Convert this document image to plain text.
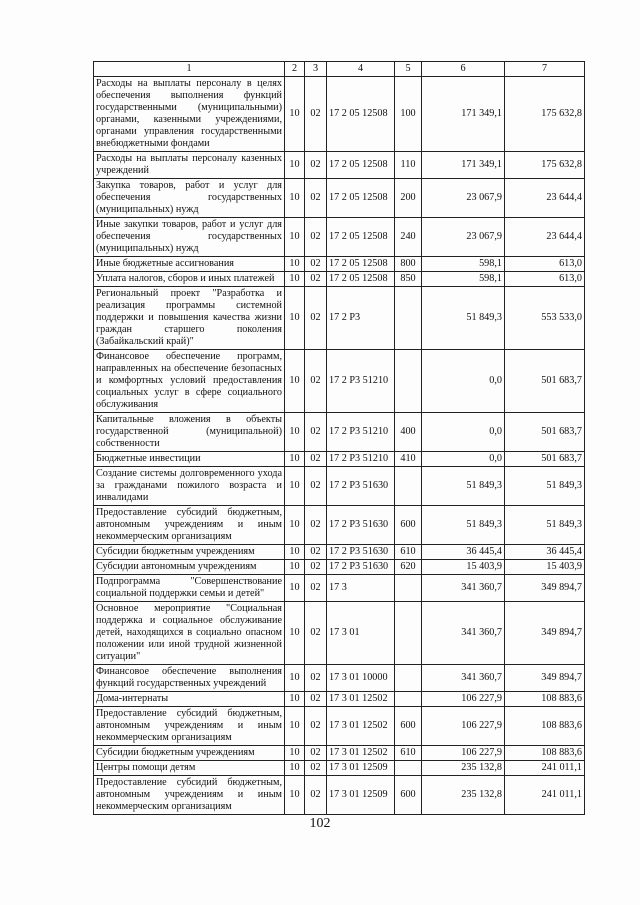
1	2	3	4	5	6	7
Расходы на выплаты персоналу в целях обеспечения выполнения функций государственными (муниципальными) органами, казенными учреждениями, органами управления государственными внебюджетными фондами	10	02	17 2 05 12508	100	171 349,1	175 632,8
Расходы на выплаты персоналу казенных учреждений	10	02	17 2 05 12508	110	171 349,1	175 632,8
Закупка товаров, работ и услуг для обеспечения государственных (муниципальных) нужд	10	02	17 2 05 12508	200	23 067,9	23 644,4
Иные закупки товаров, работ и услуг для обеспечения государственных (муниципальных) нужд	10	02	17 2 05 12508	240	23 067,9	23 644,4
Иные бюджетные ассигнования	10	02	17 2 05 12508	800	598,1	613,0
Уплата налогов, сборов и иных платежей	10	02	17 2 05 12508	850	598,1	613,0
Региональный проект "Разработка и реализация программы системной поддержки и повышения качества жизни граждан старшего поколения (Забайкальский край)"	10	02	17 2 Р3		51 849,3	553 533,0
Финансовое обеспечение программ, направленных на обеспечение безопасных и комфортных условий предоставления социальных услуг в сфере социального обслуживания	10	02	17 2 Р3 51210		0,0	501 683,7
Капитальные вложения в объекты государственной (муниципальной) собственности	10	02	17 2 Р3 51210	400	0,0	501 683,7
Бюджетные инвестиции	10	02	17 2 Р3 51210	410	0,0	501 683,7
Создание системы долговременного ухода за гражданами пожилого возраста и инвалидами	10	02	17 2 Р3 51630		51 849,3	51 849,3
Предоставление субсидий бюджетным, автономным учреждениям и иным некоммерческим организациям	10	02	17 2 Р3 51630	600	51 849,3	51 849,3
Субсидии бюджетным учреждениям	10	02	17 2 Р3 51630	610	36 445,4	36 445,4
Субсидии автономным учреждениям	10	02	17 2 Р3 51630	620	15 403,9	15 403,9
Подпрограмма "Совершенствование социальной поддержки семьи и детей"	10	02	17 3		341 360,7	349 894,7
Основное мероприятие "Социальная поддержка и социальное обслуживание детей, находящихся в социально опасном положении или иной трудной жизненной ситуации"	10	02	17 3 01		341 360,7	349 894,7
Финансовое обеспечение выполнения функций государственных учреждений	10	02	17 3 01 10000		341 360,7	349 894,7
Дома-интернаты	10	02	17 3 01 12502		106 227,9	108 883,6
Предоставление субсидий бюджетным, автономным учреждениям и иным некоммерческим организациям	10	02	17 3 01 12502	600	106 227,9	108 883,6
Субсидии бюджетным учреждениям	10	02	17 3 01 12502	610	106 227,9	108 883,6
Центры помощи детям	10	02	17 3 01 12509		235 132,8	241 011,1
Предоставление субсидий бюджетным, автономным учреждениям и иным некоммерческим организациям	10	02	17 3 01 12509	600	235 132,8	241 011,1
102
